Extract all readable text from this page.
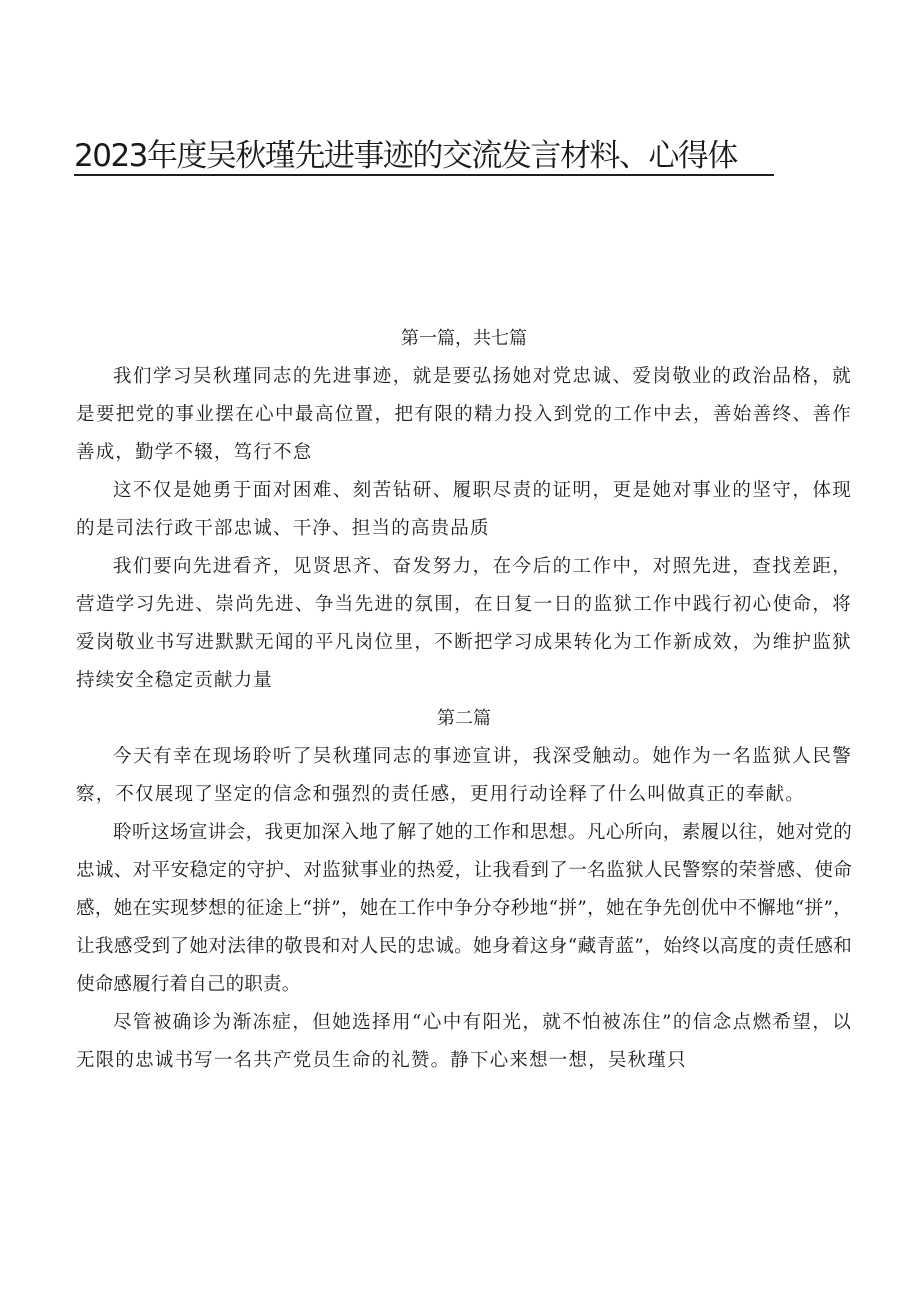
2023年度吴秋瑾先进事迹的交流发言材料、心得体

第一篇，共七篇

我们学习吴秋瑾同志的先进事迹，就是要弘扬她对党忠诚、爱岗敬业的政治品格，就是要把党的事业摆在心中最高位置，把有限的精力投入到党的工作中去，善始善终、善作善成，勤学不辍，笃行不怠

这不仅是她勇于面对困难、刻苦钻研、履职尽责的证明，更是她对事业的坚守，体现的是司法行政干部忠诚、干净、担当的高贵品质

我们要向先进看齐，见贤思齐、奋发努力，在今后的工作中，对照先进，查找差距，营造学习先进、崇尚先进、争当先进的氛围，在日复一日的监狱工作中践行初心使命，将爱岗敬业书写进默默无闻的平凡岗位里，不断把学习成果转化为工作新成效，为维护监狱持续安全稳定贡献力量

第二篇

今天有幸在现场聆听了吴秋瑾同志的事迹宣讲，我深受触动。她作为一名监狱人民警察，不仅展现了坚定的信念和强烈的责任感，更用行动诠释了什么叫做真正的奉献。

聆听这场宣讲会，我更加深入地了解了她的工作和思想。凡心所向，素履以往，她对党的忠诚、对平安稳定的守护、对监狱事业的热爱，让我看到了一名监狱人民警察的荣誉感、使命感，她在实现梦想的征途上“拼”，她在工作中争分夺秒地“拼”，她在争先创优中不懈地“拼”，让我感受到了她对法律的敬畏和对人民的忠诚。她身着这身“藏青蓝”，始终以高度的责任感和使命感履行着自己的职责。

尽管被确诊为渐冻症，但她选择用“心中有阳光，就不怕被冻住”的信念点燃希望，以无限的忠诚书写一名共产党员生命的礼赞。静下心来想一想，吴秋瑾只
